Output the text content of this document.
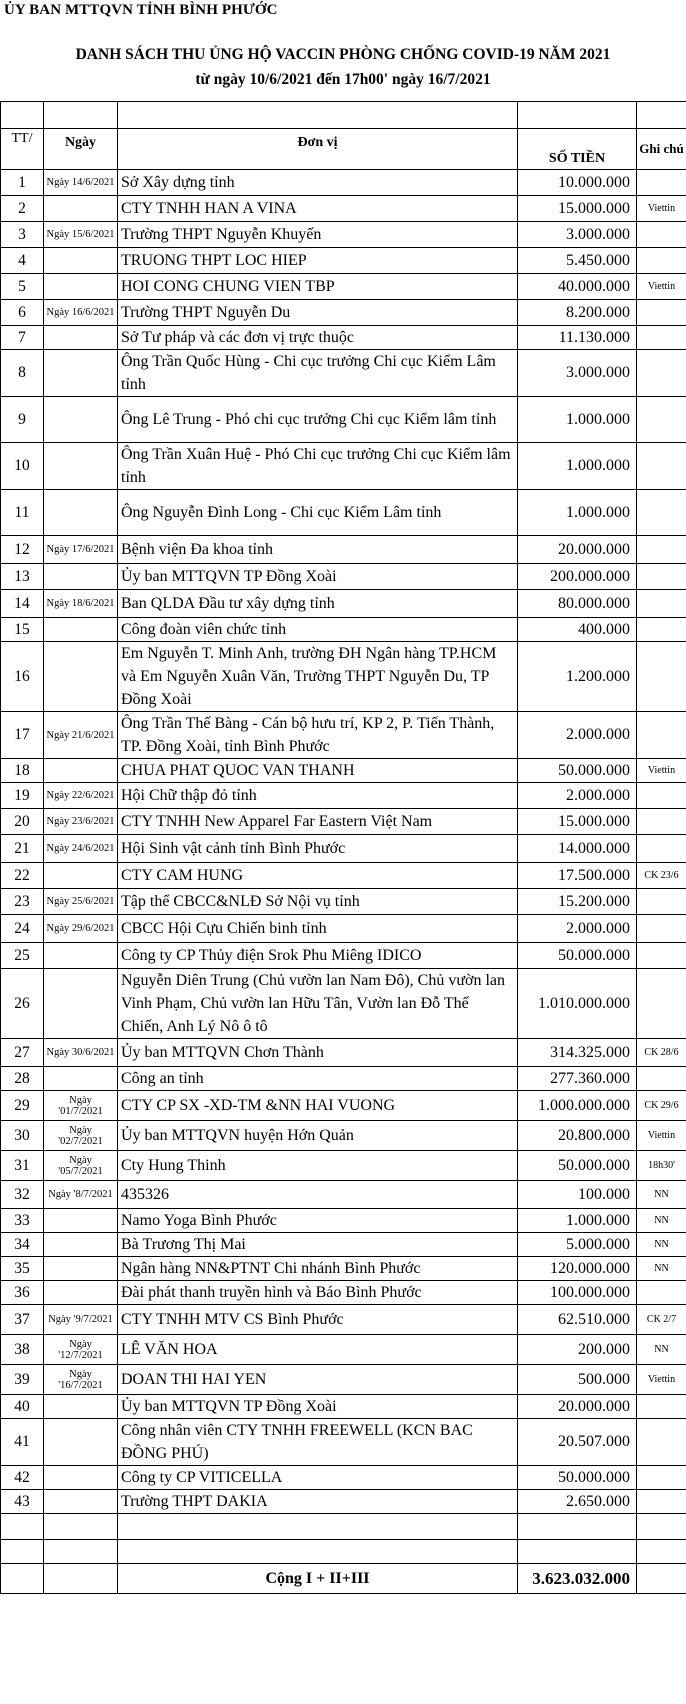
ỦY BAN MTTQVN TỈNH BÌNH PHƯỚC
DANH SÁCH THU ỦNG HỘ VACCIN PHÒNG CHỐNG COVID-19 NĂM 2021
từ ngày 10/6/2021 đến 17h00' ngày 16/7/2021

TT/	Ngày	Đơn vị	SỐ TIỀN	Ghi chú
1	Ngày 14/6/2021	Sở Xây dựng tỉnh	10.000.000	
2		CTY TNHH HAN A VINA	15.000.000	Viettin
3	Ngày 15/6/2021	Trường THPT Nguyễn Khuyến	3.000.000	
4		TRUONG THPT LOC HIEP	5.450.000	
5		HOI CONG CHUNG VIEN TBP	40.000.000	Viettin
6	Ngày 16/6/2021	Trường THPT Nguyễn Du	8.200.000	
7		Sở Tư pháp và các đơn vị trực thuộc	11.130.000	
8		Ông Trần Quốc Hùng - Chi cục trưởng Chi cục Kiểm Lâm tỉnh	3.000.000	
9		Ông Lê Trung - Phó chi cục trưởng Chi cục Kiểm lâm tỉnh	1.000.000	
10		Ông Trần Xuân Huệ - Phó Chi cục trưởng Chi cục Kiểm lâm tỉnh	1.000.000	
11		Ông Nguyễn Đình Long - Chi cục Kiểm Lâm tỉnh	1.000.000	
12	Ngày 17/6/2021	Bệnh viện Đa khoa tỉnh	20.000.000	
13		Ủy ban MTTQVN TP Đồng Xoài	200.000.000	
14	Ngày 18/6/2021	Ban QLDA Đầu tư xây dựng tỉnh	80.000.000	
15		Công đoàn viên chức tỉnh	400.000	
16		Em Nguyễn T. Minh Anh, trường ĐH Ngân hàng TP.HCM và Em Nguyễn Xuân Văn, Trường THPT Nguyễn Du, TP Đồng Xoài	1.200.000	
17	Ngày 21/6/2021	Ông Trần Thế Bàng - Cán bộ hưu trí, KP 2, P. Tiến Thành, TP. Đồng Xoài, tỉnh Bình Phước	2.000.000	
18		CHUA PHAT QUOC VAN THANH	50.000.000	Viettin
19	Ngày 22/6/2021	Hội Chữ thập đỏ tỉnh	2.000.000	
20	Ngày 23/6/2021	CTY TNHH New Apparel Far Eastern Việt Nam	15.000.000	
21	Ngày 24/6/2021	Hội Sinh vật cảnh tỉnh Bình Phước	14.000.000	
22		CTY CAM HUNG	17.500.000	CK 23/6
23	Ngày 25/6/2021	Tập thể CBCC&NLĐ Sở Nội vụ tỉnh	15.200.000	
24	Ngày 29/6/2021	CBCC Hội Cựu Chiến binh tỉnh	2.000.000	
25		Công ty CP Thủy điện Srok Phu Miêng IDICO	50.000.000	
26		Nguyễn Diên Trung (Chủ vườn lan Nam Đô), Chủ vườn lan Vinh Phạm, Chủ vườn lan Hữu Tân, Vườn lan Đỗ Thế Chiến, Anh Lý Nô ô tô	1.010.000.000	
27	Ngày 30/6/2021	Ủy ban MTTQVN Chơn Thành	314.325.000	CK 28/6
28		Công an tỉnh	277.360.000	
29	Ngày '01/7/2021	CTY CP SX -XD-TM &NN HAI VUONG	1.000.000.000	CK 29/6
30	Ngày '02/7/2021	Ủy ban MTTQVN huyện Hớn Quản	20.800.000	Viettin
31	Ngày '05/7/2021	Cty Hung Thinh	50.000.000	18h30'
32	Ngày '8/7/2021	435326	100.000	NN
33		Namo Yoga Bình Phước	1.000.000	NN
34		Bà Trương Thị Mai	5.000.000	NN
35		Ngân hàng NN&PTNT Chi nhánh Bình Phước	120.000.000	NN
36		Đài phát thanh truyền hình và Báo Bình Phước	100.000.000	
37	Ngày '9/7/2021	CTY TNHH MTV CS Bình Phước	62.510.000	CK 2/7
38	Ngày '12/7/2021	LÊ VĂN HOA	200.000	NN
39	Ngày '16/7/2021	DOAN THI HAI YEN	500.000	Viettin
40		Ủy ban MTTQVN TP Đồng Xoài	20.000.000	
41		Công nhân viên CTY TNHH FREEWELL (KCN BAC ĐỒNG PHÚ)	20.507.000	
42		Công ty CP VITICELLA	50.000.000	
43		Trường THPT DAKIA	2.650.000	

		Cộng I + II+III	3.623.032.000	
